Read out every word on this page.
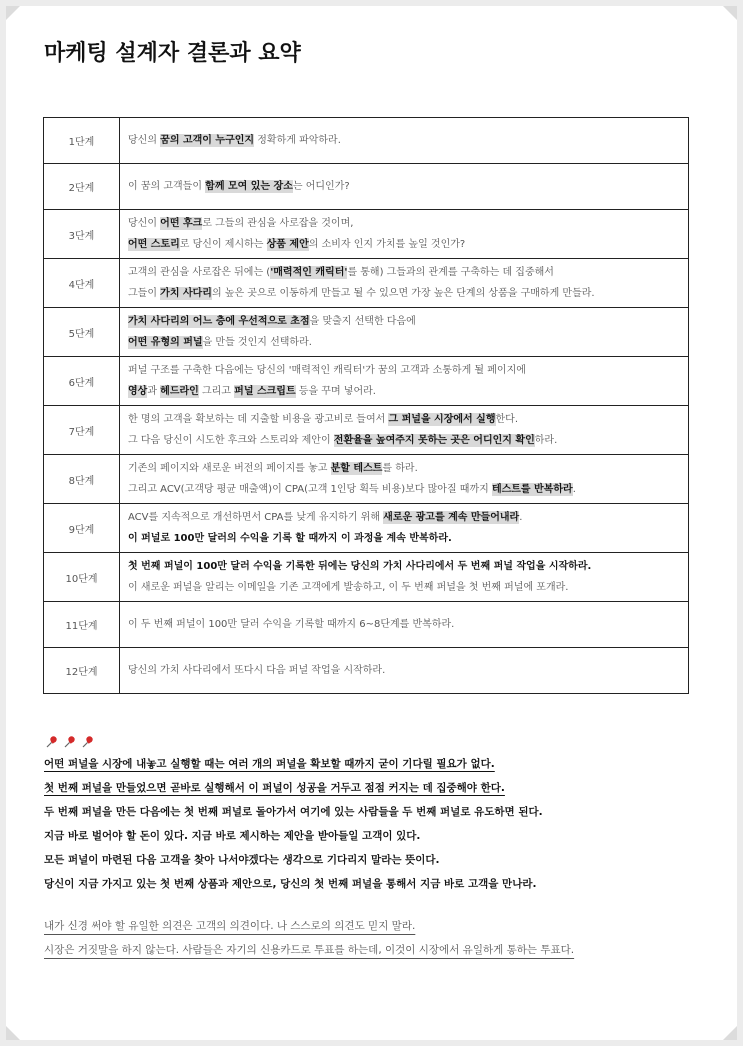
마케팅 설계자 결론과 요약
1단계	당신의 꿈의 고객이 누구인지 정확하게 파악하라.

2단계	이 꿈의 고객들이 함께 모여 있는 장소는 어디인가?

3단계	당신이 어떤 후크로 그들의 관심을 사로잡을 것이며,
어떤 스토리로 당신이 제시하는 상품 제안의 소비자 인지 가치를 높일 것인가?

4단계	고객의 관심을 사로잡은 뒤에는 ('매력적인 캐릭터'를 통해) 그들과의 관계를 구축하는 데 집중해서
그들이 가치 사다리의 높은 곳으로 이동하게 만들고 될 수 있으면 가장 높은 단계의 상품을 구매하게 만들라.

5단계	가치 사다리의 어느 층에 우선적으로 초점을 맞출지 선택한 다음에
어떤 유형의 퍼널을 만들 것인지 선택하라.

6단계	퍼널 구조를 구축한 다음에는 당신의 '매력적인 캐릭터'가 꿈의 고객과 소통하게 될 페이지에
영상과 헤드라인 그리고 퍼널 스크립트 등을 꾸며 넣어라.

7단계	한 명의 고객을 확보하는 데 지출할 비용을 광고비로 들여서 그 퍼널을 시장에서 실행한다.
그 다음 당신이 시도한 후크와 스토리와 제안이 전환율을 높여주지 못하는 곳은 어디인지 확인하라.

8단계	기존의 페이지와 새로운 버전의 페이지를 놓고 분할 테스트를 하라.
그리고 ACV(고객당 평균 매출액)이 CPA(고객 1인당 획득 비용)보다 많아질 때까지 테스트를 반복하라.

9단계	ACV를 지속적으로 개선하면서 CPA를 낮게 유지하기 위해 새로운 광고를 계속 만들어내라.
이 퍼널로 100만 달러의 수익을 기록 할 때까지 이 과정을 계속 반복하라.

10단계	첫 번째 퍼널이 100만 달러 수익을 기록한 뒤에는 당신의 가치 사다리에서 두 번째 퍼널 작업을 시작하라.
이 새로운 퍼널을 알리는 이메일을 기존 고객에게 발송하고, 이 두 번째 퍼널을 첫 번째 퍼널에 포개라.

11단계	이 두 번째 퍼널이 100만 달러 수익을 기록할 때까지 6~8단계를 반복하라.

12단계	당신의 가치 사다리에서 또다시 다음 퍼널 작업을 시작하라.
어떤 퍼널을 시장에 내놓고 실행할 때는 여러 개의 퍼널을 확보할 때까지 굳이 기다릴 필요가 없다.
첫 번째 퍼널을 만들었으면 곧바로 실행해서 이 퍼널이 성공을 거두고 점점 커지는 데 집중해야 한다.
두 번째 퍼널을 만든 다음에는 첫 번째 퍼널로 돌아가서 여기에 있는 사람들을 두 번째 퍼널로 유도하면 된다.
지금 바로 벌어야 할 돈이 있다. 지금 바로 제시하는 제안을 받아들일 고객이 있다.
모든 퍼널이 마련된 다음 고객을 찾아 나서야겠다는 생각으로 기다리지 말라는 뜻이다.
당신이 지금 가지고 있는 첫 번째 상품과 제안으로, 당신의 첫 번째 퍼널을 통해서 지금 바로 고객을 만나라.
내가 신경 써야 할 유일한 의견은 고객의 의견이다. 나 스스로의 의견도 믿지 말라.
시장은 거짓말을 하지 않는다. 사람들은 자기의 신용카드로 투표를 하는데, 이것이 시장에서 유일하게 통하는 투표다.
